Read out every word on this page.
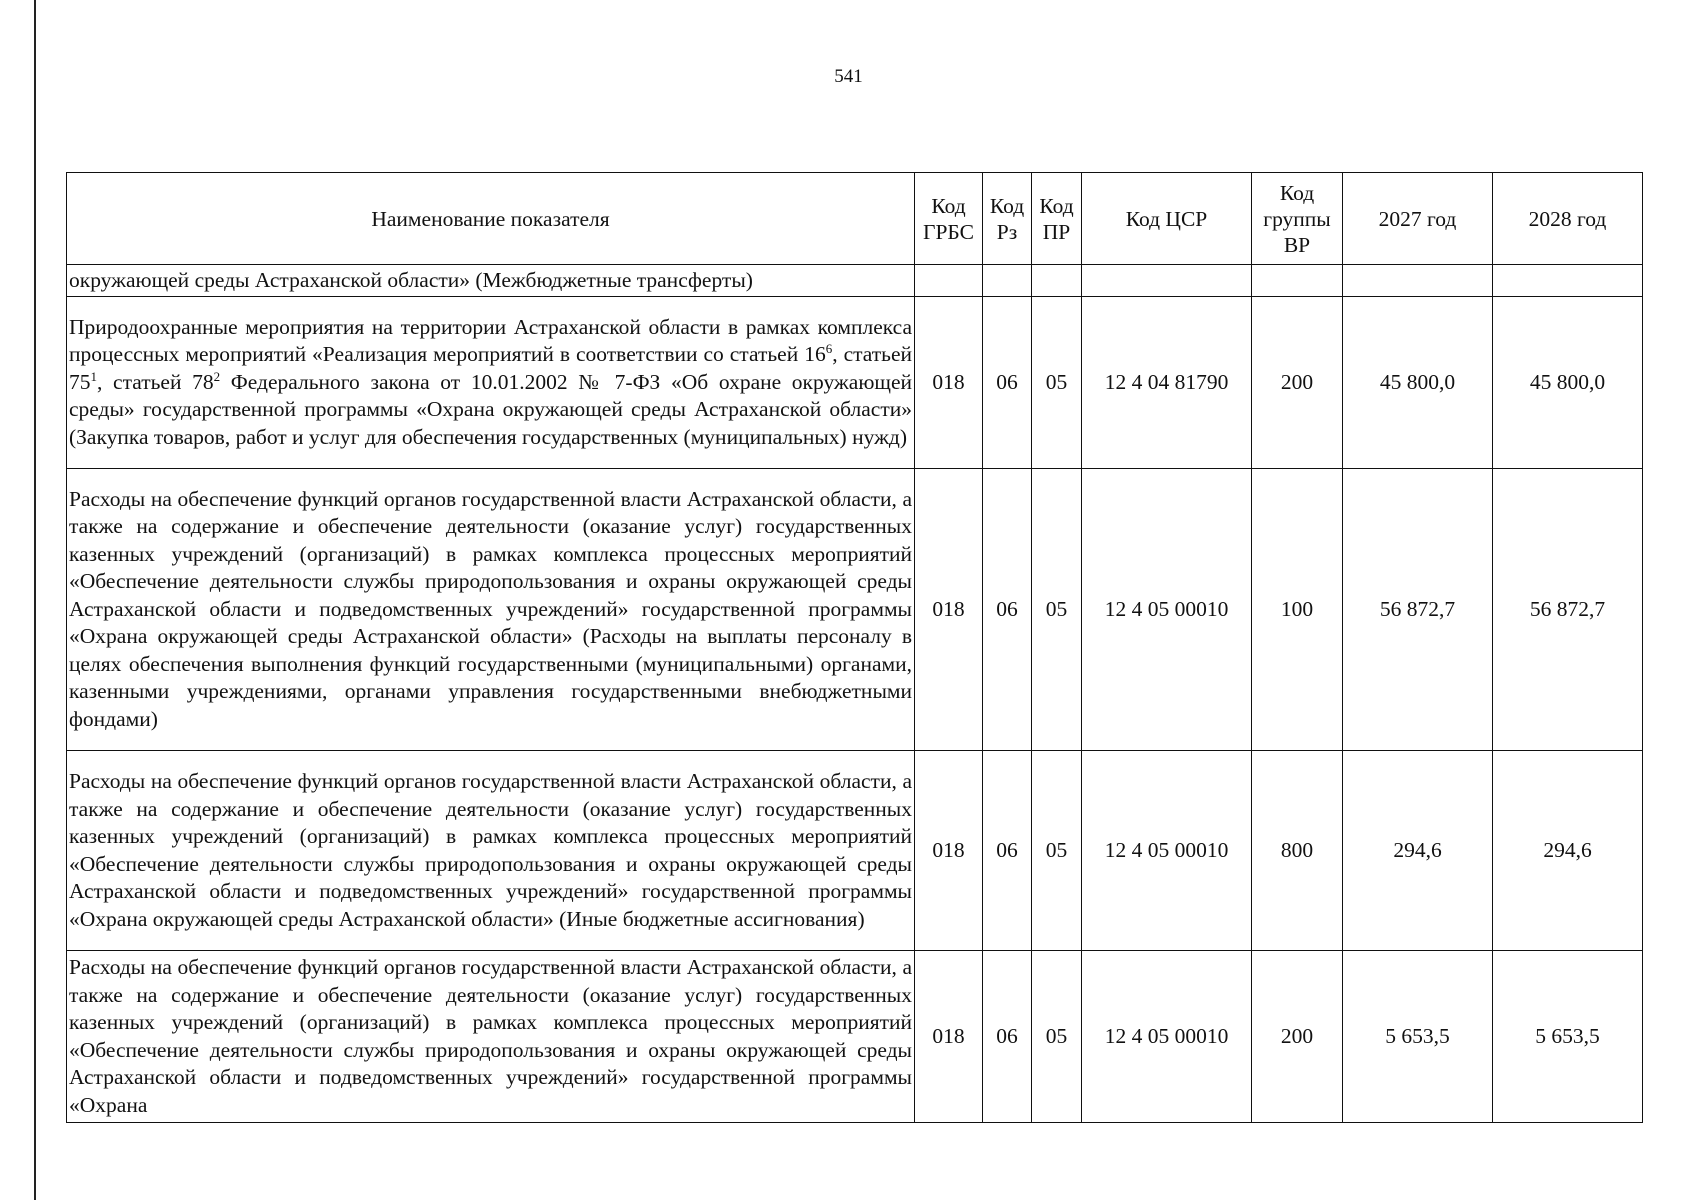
541
Наименование показателя	Код ГРБС	Код Рз	Код ПР	Код ЦСР	Код группы ВР	2027 год	2028 год
окружающей среды Астраханской области» (Межбюджетные трансферты)							
Природоохранные мероприятия на территории Астраханской области в рамках комплекса процессных мероприятий «Реализация мероприятий в соответствии со статьей $16^6$, статьей $75^1$, статьей $78^2$ Федерального закона от 10.01.2002 № 7-ФЗ «Об охране окружающей среды» государственной программы «Охрана окружающей среды Астраханской области» (Закупка товаров, работ и услуг для обеспечения государственных (муниципальных) нужд)	018	06	05	12 4 04 81790	200	45 800,0	45 800,0
Расходы на обеспечение функций органов государственной власти Астраханской области, а также на содержание и обеспечение деятельности (оказание услуг) государственных казенных учреждений (организаций) в рамках комплекса процессных мероприятий «Обеспечение деятельности службы природопользования и охраны окружающей среды Астраханской области и подведомственных учреждений» государственной программы «Охрана окружающей среды Астраханской области» (Расходы на выплаты персоналу в целях обеспечения выполнения функций государственными (муниципальными) органами, казенными учреждениями, органами управления государственными внебюджетными фондами)	018	06	05	12 4 05 00010	100	56 872,7	56 872,7
Расходы на обеспечение функций органов государственной власти Астраханской области, а также на содержание и обеспечение деятельности (оказание услуг) государственных казенных учреждений (организаций) в рамках комплекса процессных мероприятий «Обеспечение деятельности службы природопользования и охраны окружающей среды Астраханской области и подведомственных учреждений» государственной программы «Охрана окружающей среды Астраханской области» (Иные бюджетные ассигнования)	018	06	05	12 4 05 00010	800	294,6	294,6
Расходы на обеспечение функций органов государственной власти Астраханской области, а также на содержание и обеспечение деятельности (оказание услуг) государственных казенных учреждений (организаций) в рамках комплекса процессных мероприятий «Обеспечение деятельности службы природопользования и охраны окружающей среды Астраханской области и подведомственных учреждений» государственной программы «Охрана	018	06	05	12 4 05 00010	200	5 653,5	5 653,5
